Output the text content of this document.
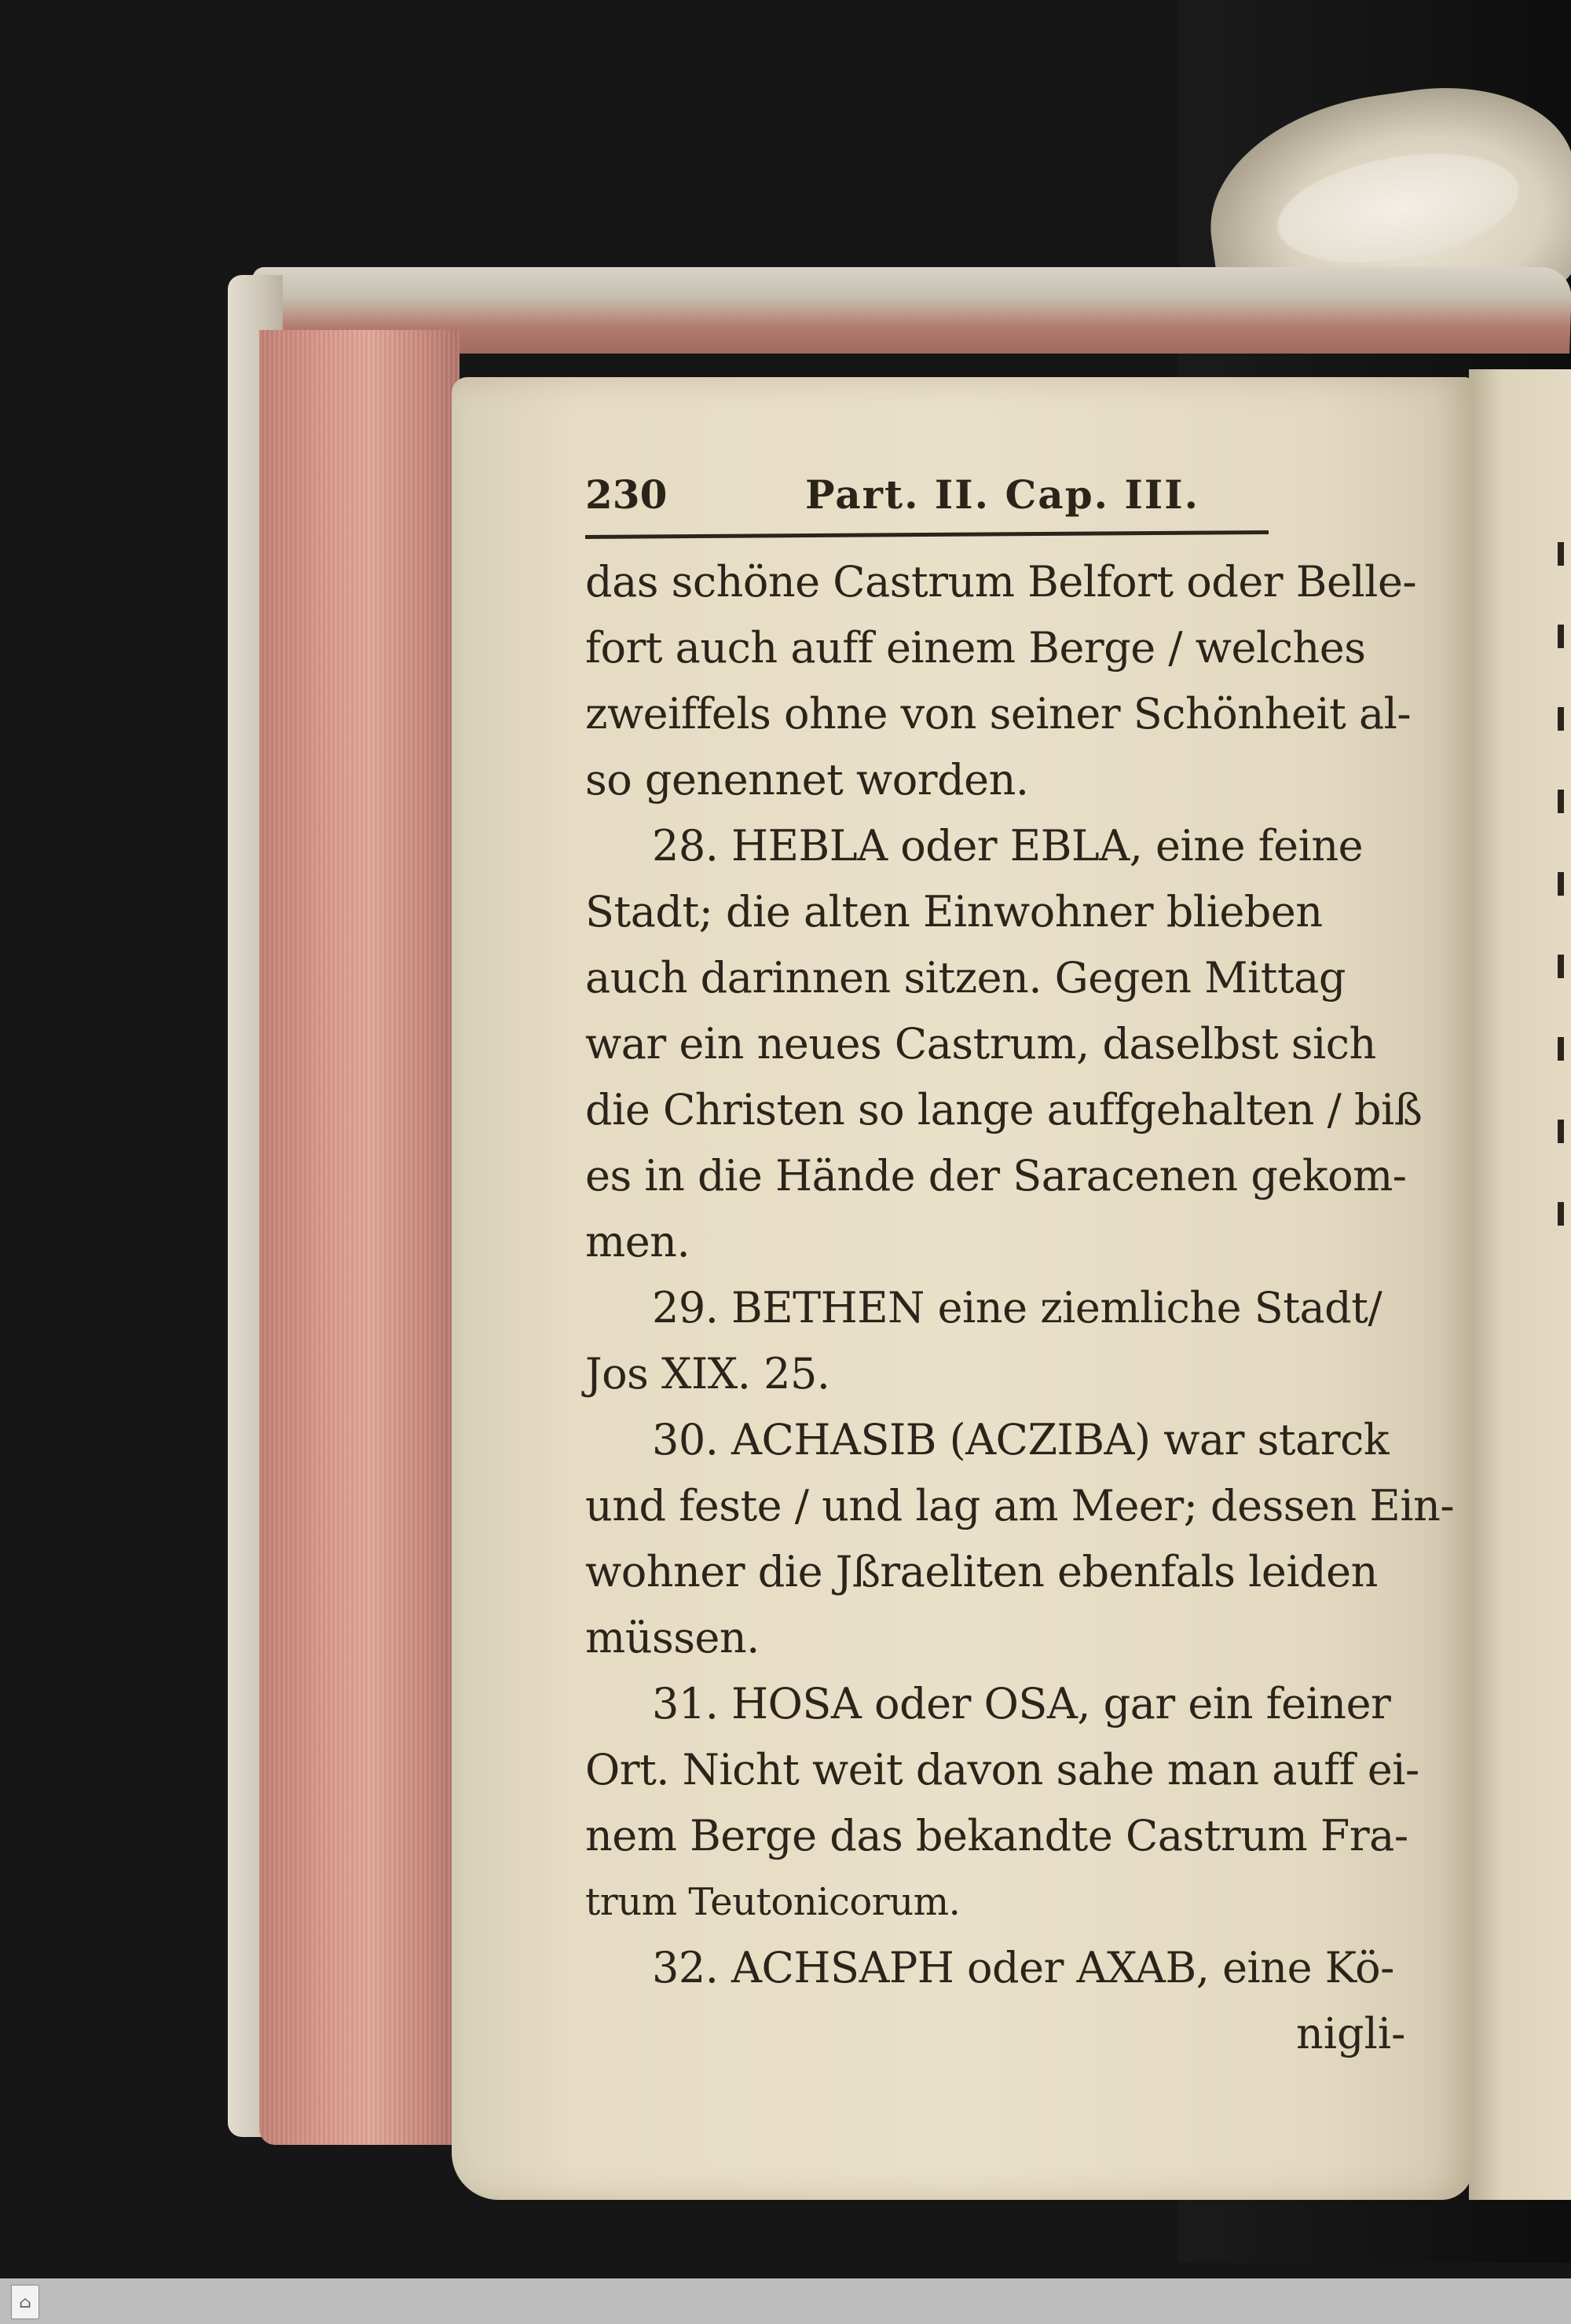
230	Part. II. Cap. III.
das schöne Castrum Belfort oder Belle-
fort auch auff einem Berge / welches
zweiffels ohne von seiner Schönheit al-
so genennet worden.
28. HEBLA oder EBLA, eine feine
Stadt; die alten Einwohner blieben
auch darinnen sitzen. Gegen Mittag
war ein neues Castrum, daselbst sich
die Christen so lange auffgehalten / biß
es in die Hände der Saracenen gekom-
men.
29. BETHEN eine ziemliche Stadt/
Jos XIX. 25.
30. ACHASIB (ACZIBA) war starck
und feste / und lag am Meer; dessen Ein-
wohner die Jßraeliten ebenfals leiden
müssen.
31. HOSA oder OSA, gar ein feiner
Ort. Nicht weit davon sahe man auff ei-
nem Berge das bekandte Castrum Fra-
trum Teutonicorum.
32. ACHSAPH oder AXAB, eine Kö-
nigli-
⌂
